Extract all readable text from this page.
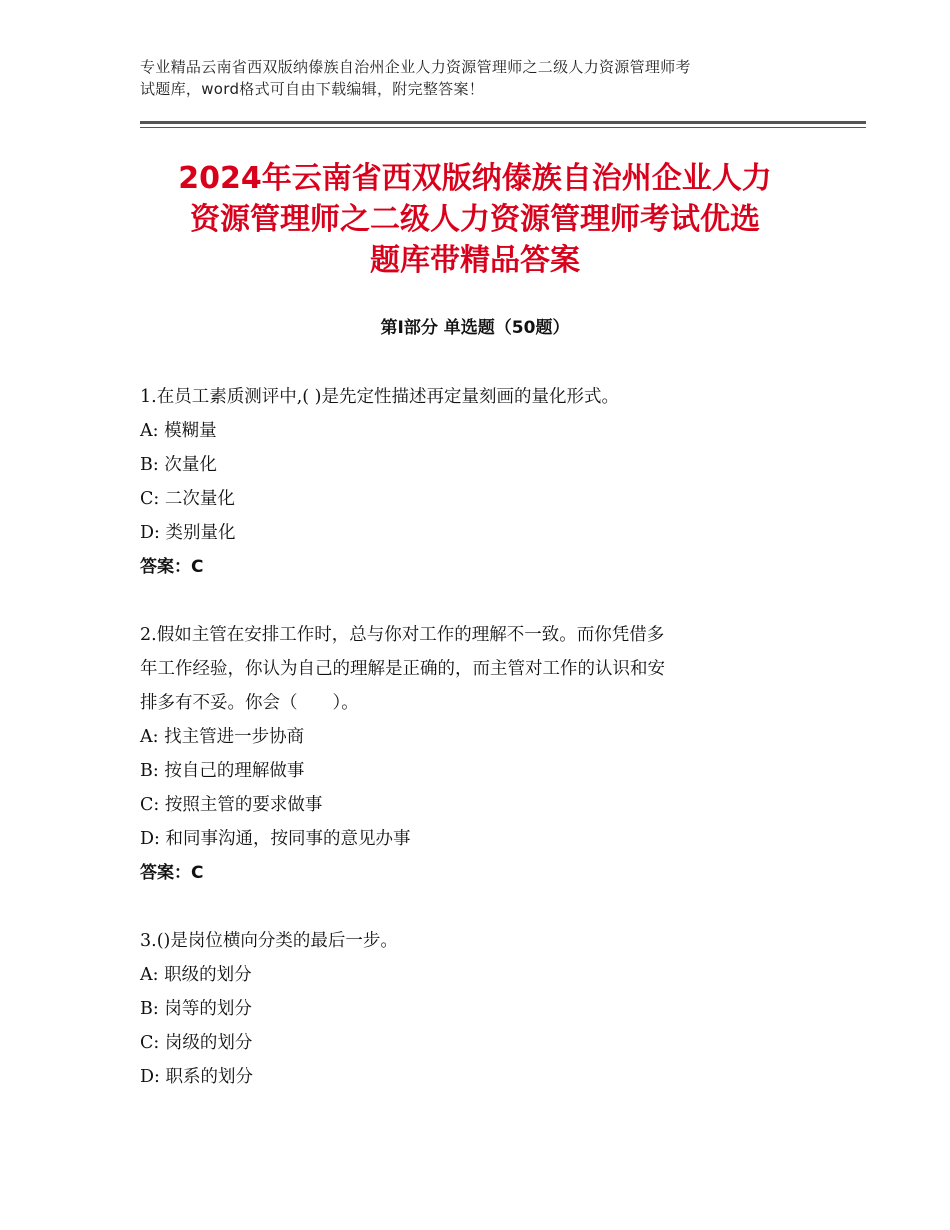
专业精品云南省西双版纳傣族自治州企业人力资源管理师之二级人力资源管理师考
试题库，word格式可自由下载编辑，附完整答案！
2024年云南省西双版纳傣族自治州企业人力
资源管理师之二级人力资源管理师考试优选
题库带精品答案
第Ⅰ部分 单选题（50题）
1.在员工素质测评中,( )是先定性描述再定量刻画的量化形式。
A: 模糊量
B: 次量化
C: 二次量化
D: 类别量化
答案：C
2.假如主管在安排工作时，总与你对工作的理解不一致。而你凭借多
年工作经验，你认为自己的理解是正确的，而主管对工作的认识和安
排多有不妥。你会（　　）。
A: 找主管进一步协商
B: 按自己的理解做事
C: 按照主管的要求做事
D: 和同事沟通，按同事的意见办事
答案：C
3.()是岗位横向分类的最后一步。
A: 职级的划分
B: 岗等的划分
C: 岗级的划分
D: 职系的划分
